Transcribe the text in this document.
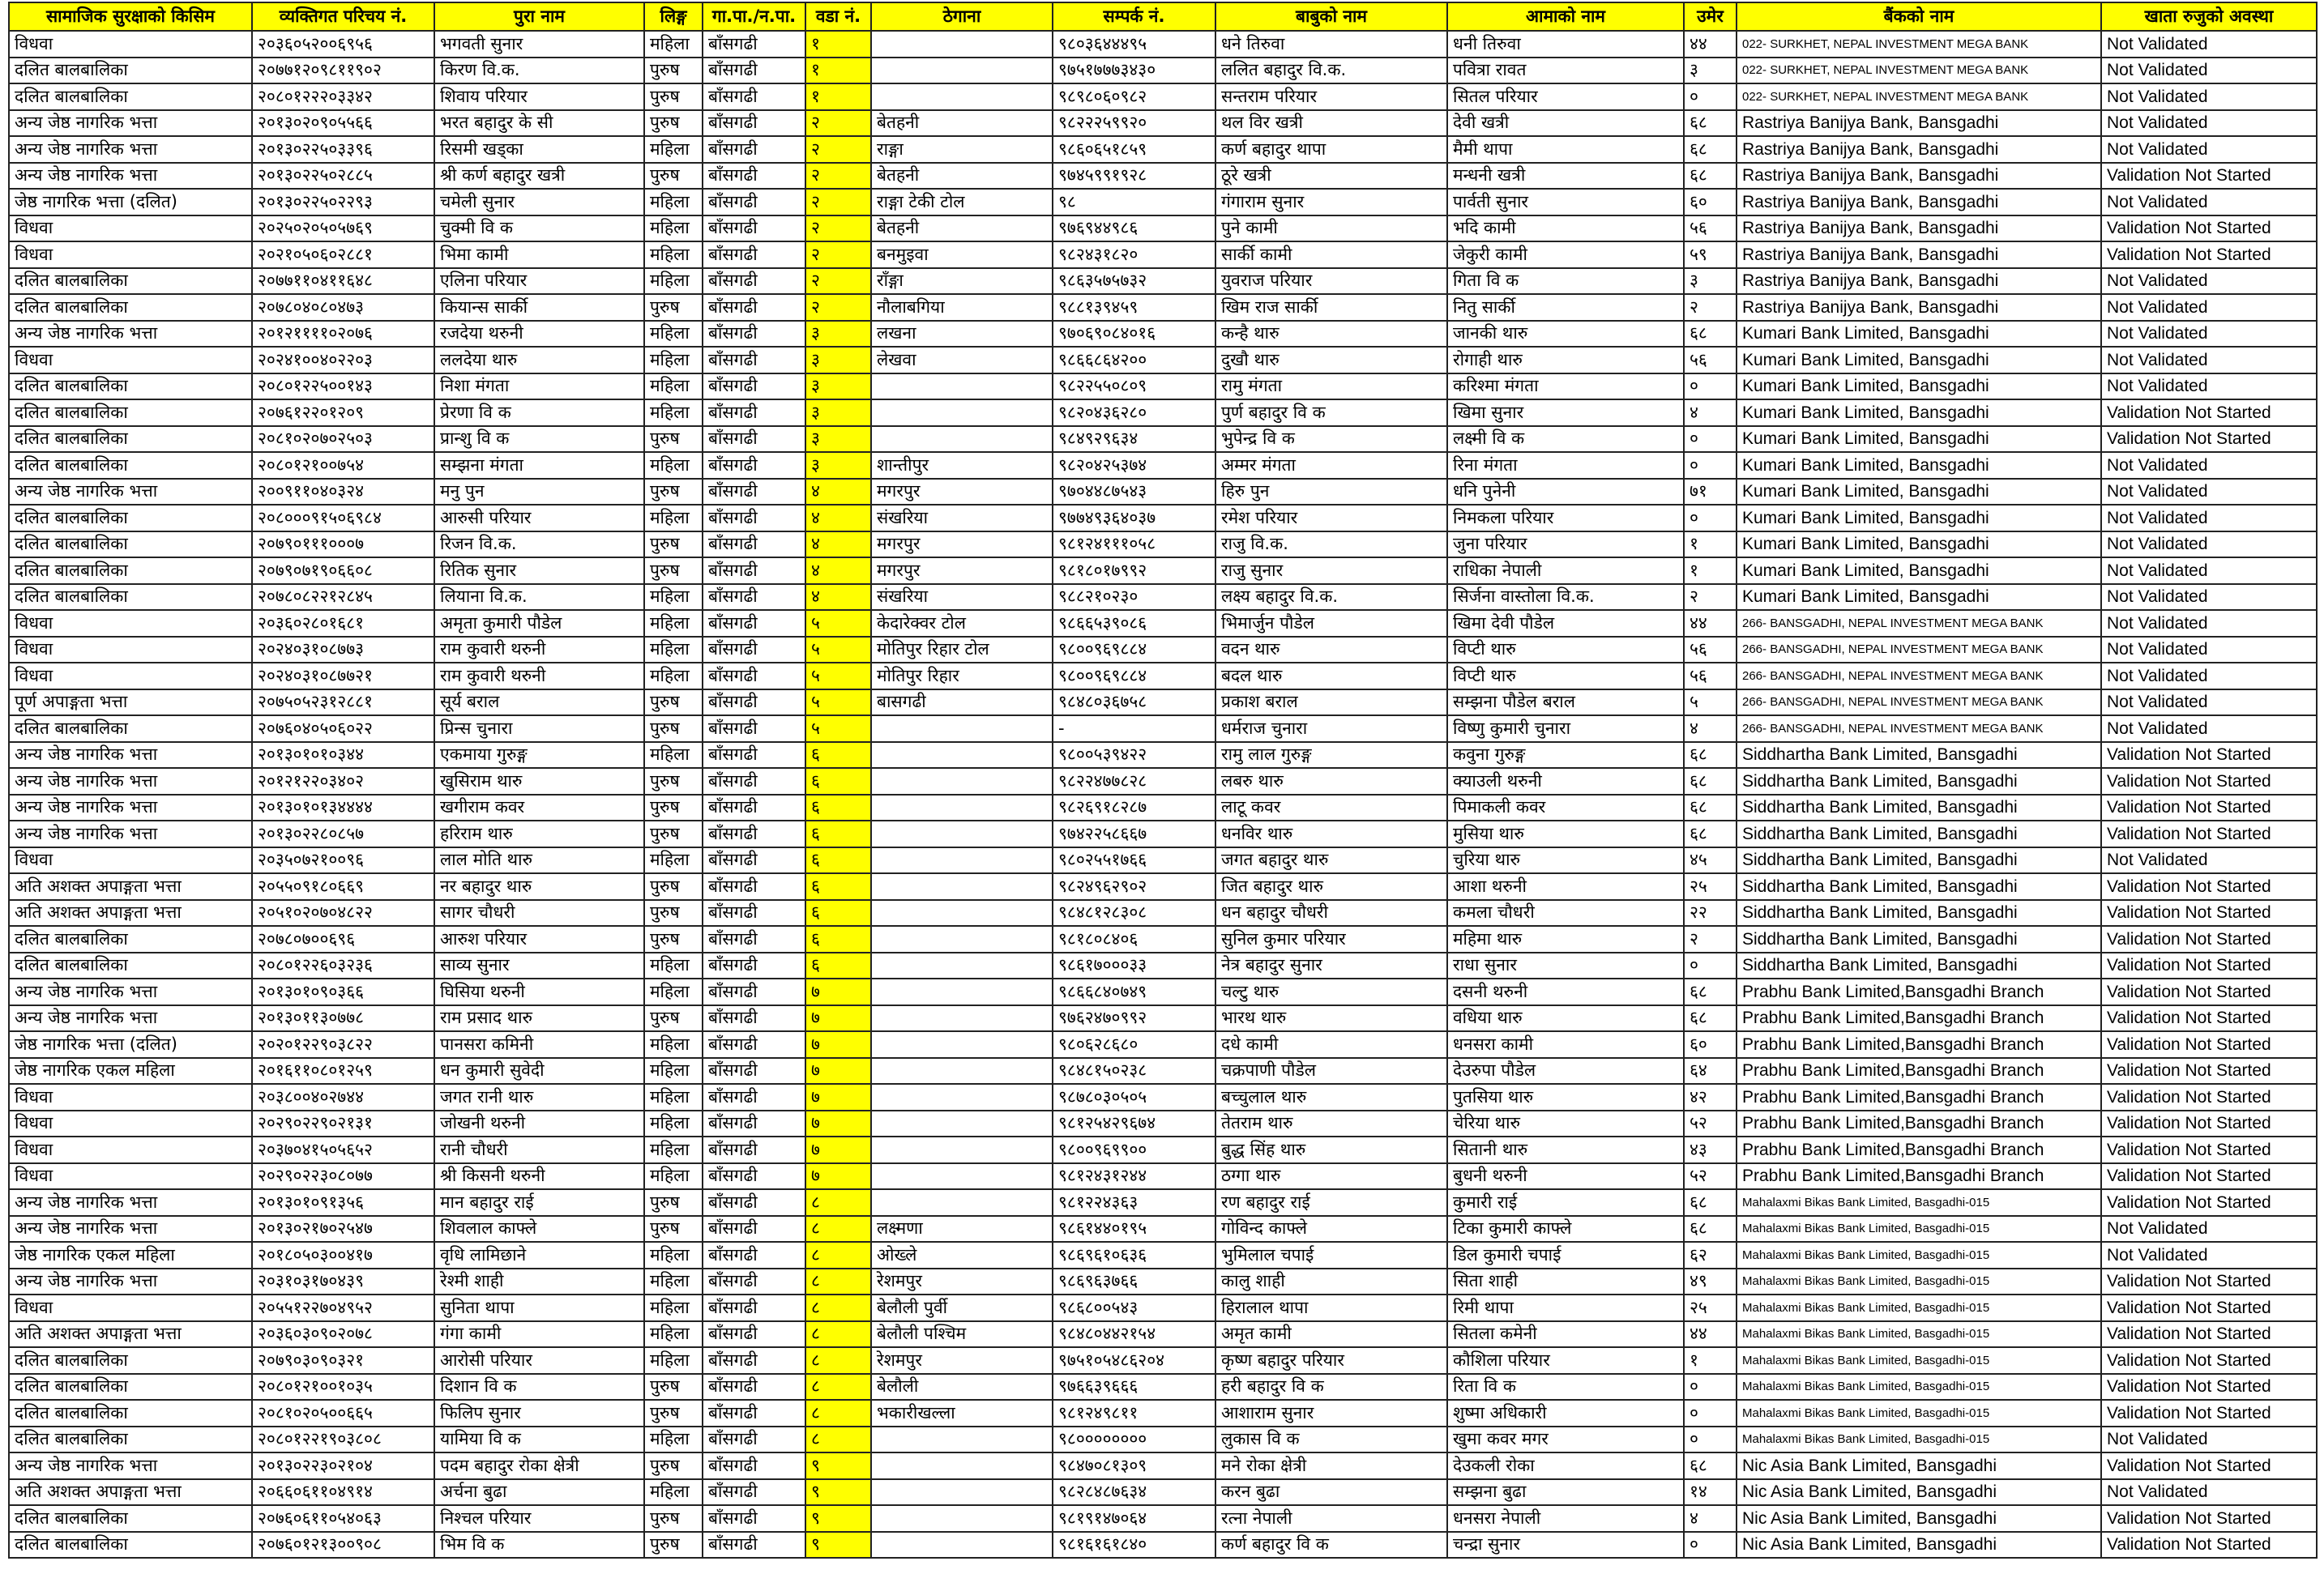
सामाजिक सुरक्षाको किसिम	व्यक्तिगत परिचय नं.	पुरा नाम	लिङ्ग	गा.पा./न.पा.	वडा नं.	ठेगाना	सम्पर्क नं.	बाबुको नाम	आमाको नाम	उमेर	बैंकको नाम	खाता रुजुको अवस्था
विधवा	२०३६०५२००६९५६	भगवती सुनार	महिला	बाँसगढी	१		९८०३६४४४९५	धने तिरुवा	धनी तिरुवा	४४	022- SURKHET, NEPAL INVESTMENT MEGA BANK	Not Validated
दलित बालबालिका	२०७७१२०९८११९०२	किरण वि.क.	पुरुष	बाँसगढी	१		९७५१७७७३४३०	ललित बहादुर वि.क.	पवित्रा रावत	३	022- SURKHET, NEPAL INVESTMENT MEGA BANK	Not Validated
दलित बालबालिका	२०८०१२२२०३३४२	शिवाय परियार	पुरुष	बाँसगढी	१		९८९८०६०९८२	सन्तराम परियार	सितल परियार	०	022- SURKHET, NEPAL INVESTMENT MEGA BANK	Not Validated
अन्य जेष्ठ नागरिक भत्ता	२०१३०२०९०५५६६	भरत बहादुर के सी	पुरुष	बाँसगढी	२	बेतहनी	९८२२२५९९२०	थल विर खत्री	देवी खत्री	६८	Rastriya Banijya Bank, Bansgadhi	Not Validated
अन्य जेष्ठ नागरिक भत्ता	२०१३०२२५०३३९६	रिसमी खड्का	महिला	बाँसगढी	२	राङ्गा	९८६०६५१८५९	कर्ण बहादुर थापा	मैमी थापा	६८	Rastriya Banijya Bank, Bansgadhi	Not Validated
अन्य जेष्ठ नागरिक भत्ता	२०१३०२२५०२८८५	श्री कर्ण बहादुर खत्री	पुरुष	बाँसगढी	२	बेतहनी	९७४५९९१९२८	ठूरे खत्री	मन्धनी खत्री	६८	Rastriya Banijya Bank, Bansgadhi	Validation Not Started
जेष्ठ नागरिक भत्ता (दलित)	२०१३०२२५०२२९३	चमेली सुनार	महिला	बाँसगढी	२	राङ्गा टेकी टोल	९८	गंगाराम सुनार	पार्वती सुनार	६०	Rastriya Banijya Bank, Bansgadhi	Not Validated
विधवा	२०२५०२०५०५७६९	चुक्मी वि क	महिला	बाँसगढी	२	बेतहनी	९७६९४४९८६	पुने कामी	भदि कामी	५६	Rastriya Banijya Bank, Bansgadhi	Validation Not Started
विधवा	२०२१०५०६०२८८१	भिमा कामी	महिला	बाँसगढी	२	बनमुइवा	९८२४३१८२०	सार्की कामी	जेकुरी कामी	५९	Rastriya Banijya Bank, Bansgadhi	Validation Not Started
दलित बालबालिका	२०७७११०४११६४८	एलिना परियार	महिला	बाँसगढी	२	राँङ्गा	९८६३५७५७३२	युवराज परियार	गिता वि क	३	Rastriya Banijya Bank, Bansgadhi	Not Validated
दलित बालबालिका	२०७८०४०८०४७३	कियान्स सार्की	पुरुष	बाँसगढी	२	नौलाबगिया	९८८१३९४५९	खिम राज सार्की	नितु सार्की	२	Rastriya Banijya Bank, Bansgadhi	Not Validated
अन्य जेष्ठ नागरिक भत्ता	२०१२११११०२०७६	रजदेया थरुनी	महिला	बाँसगढी	३	लखना	९७०६९०८४०१६	कन्है थारु	जानकी थारु	६८	Kumari Bank Limited, Bansgadhi	Not Validated
विधवा	२०२४१००४०२२०३	ललदेया थारु	महिला	बाँसगढी	३	लेखवा	९८६६८६४२००	दुखौ थारु	रोगाही थारु	५६	Kumari Bank Limited, Bansgadhi	Not Validated
दलित बालबालिका	२०८०१२२५००१४३	निशा मंगता	महिला	बाँसगढी	३		९८२२५५०८०९	रामु मंगता	करिश्मा मंगता	०	Kumari Bank Limited, Bansgadhi	Not Validated
दलित बालबालिका	२०७६१२२०१२०९	प्रेरणा वि क	महिला	बाँसगढी	३		९८२०४३६२८०	पुर्ण बहादुर वि क	खिमा सुनार	४	Kumari Bank Limited, Bansgadhi	Validation Not Started
दलित बालबालिका	२०८१०२०७०२५०३	प्रान्शु वि क	पुरुष	बाँसगढी	३		९८४९२९६३४	भुपेन्द्र वि क	लक्ष्मी वि क	०	Kumari Bank Limited, Bansgadhi	Validation Not Started
दलित बालबालिका	२०८०१२१००७५४	सम्झना मंगता	महिला	बाँसगढी	३	शान्तीपुर	९८२०४२५३७४	अम्मर मंगता	रिना मंगता	०	Kumari Bank Limited, Bansgadhi	Not Validated
अन्य जेष्ठ नागरिक भत्ता	२००९११०४०३२४	मनु पुन	पुरुष	बाँसगढी	४	मगरपुर	९७०४४८७५४३	हिरु पुन	धनि पुनेनी	७१	Kumari Bank Limited, Bansgadhi	Not Validated
दलित बालबालिका	२०८०००९१५०६९८४	आरुसी परियार	महिला	बाँसगढी	४	संखरिया	९७७४९३६४०३७	रमेश परियार	निमकला परियार	०	Kumari Bank Limited, Bansgadhi	Not Validated
दलित बालबालिका	२०७९०१११०००७	रिजन वि.क.	पुरुष	बाँसगढी	४	मगरपुर	९८१२४१११०५८	राजु वि.क.	जुना परियार	१	Kumari Bank Limited, Bansgadhi	Not Validated
दलित बालबालिका	२०७९०७१९०६६०८	रितिक सुनार	पुरुष	बाँसगढी	४	मगरपुर	९८१८०१७९९२	राजु सुनार	राधिका नेपाली	१	Kumari Bank Limited, Bansgadhi	Not Validated
दलित बालबालिका	२०७८०८२२१२८४५	लियाना वि.क.	महिला	बाँसगढी	४	संखरिया	९८८२१०२३०	लक्ष्य बहादुर वि.क.	सिर्जना वास्तोला वि.क.	२	Kumari Bank Limited, Bansgadhi	Not Validated
विधवा	२०३६०२८०१६८१	अमृता कुमारी पौडेल	महिला	बाँसगढी	५	केदारेक्वर टोल	९८६६५३९०८६	भिमार्जुन पौडेल	खिमा देवी पौडेल	४४	266- BANSGADHI, NEPAL INVESTMENT MEGA BANK	Not Validated
विधवा	२०२४०३१०८७७३	राम कुवारी थरुनी	महिला	बाँसगढी	५	मोतिपुर रिहार टोल	९८००९६९८८४	वदन थारु	विप्टी थारु	५६	266- BANSGADHI, NEPAL INVESTMENT MEGA BANK	Not Validated
विधवा	२०२४०३१०८७७२१	राम कुवारी थरुनी	महिला	बाँसगढी	५	मोतिपुर रिहार	९८००९६९८८४	बदल थारु	विप्टी थारु	५६	266- BANSGADHI, NEPAL INVESTMENT MEGA BANK	Not Validated
पूर्ण अपाङ्गता भत्ता	२०७५०५२३१२८८१	सूर्य बराल	पुरुष	बाँसगढी	५	बासगढी	९८४८०३६७५८	प्रकाश बराल	सम्झना पौडेल बराल	५	266- BANSGADHI, NEPAL INVESTMENT MEGA BANK	Not Validated
दलित बालबालिका	२०७६०४०५०६०२२	प्रिन्स चुनारा	पुरुष	बाँसगढी	५		-	धर्मराज चुनारा	विष्णु कुमारी चुनारा	४	266- BANSGADHI, NEPAL INVESTMENT MEGA BANK	Not Validated
अन्य जेष्ठ नागरिक भत्ता	२०१३०१०१०३४४	एकमाया गुरुङ्ग	महिला	बाँसगढी	६		९८००५३९४२२	रामु लाल गुरुङ्ग	कवुना गुरुङ्ग	६८	Siddhartha Bank Limited, Bansgadhi	Validation Not Started
अन्य जेष्ठ नागरिक भत्ता	२०१२१२२०३४०२	खुसिराम थारु	पुरुष	बाँसगढी	६		९८२२४७७८२८	लबरु थारु	क्याउली थरुनी	६८	Siddhartha Bank Limited, Bansgadhi	Validation Not Started
अन्य जेष्ठ नागरिक भत्ता	२०१३०१०१३४४४४	खगीराम कवर	पुरुष	बाँसगढी	६		९८२६९१८२८७	लाटू कवर	पिमाकली कवर	६८	Siddhartha Bank Limited, Bansgadhi	Validation Not Started
अन्य जेष्ठ नागरिक भत्ता	२०१३०२२८०८५७	हरिराम थारु	पुरुष	बाँसगढी	६		९७४२२५८६६७	धनविर थारु	मुसिया थारु	६८	Siddhartha Bank Limited, Bansgadhi	Validation Not Started
विधवा	२०३५०७२१००९६	लाल मोति थारु	महिला	बाँसगढी	६		९८०२५५१७६६	जगत बहादुर थारु	चुरिया थारु	४५	Siddhartha Bank Limited, Bansgadhi	Not Validated
अति अशक्त अपाङ्गता भत्ता	२०५५०९१८०६६९	नर बहादुर थारु	पुरुष	बाँसगढी	६		९८२४९६२९०२	जित बहादुर थारु	आशा थरुनी	२५	Siddhartha Bank Limited, Bansgadhi	Validation Not Started
अति अशक्त अपाङ्गता भत्ता	२०५१०२०७०४८२२	सागर चौधरी	पुरुष	बाँसगढी	६		९८४८१२८३०८	धन बहादुर चौधरी	कमला चौधरी	२२	Siddhartha Bank Limited, Bansgadhi	Validation Not Started
दलित बालबालिका	२०७८०७००६९६	आरुश परियार	पुरुष	बाँसगढी	६		९८१८०८४०६	सुनिल कुमार परियार	महिमा थारु	२	Siddhartha Bank Limited, Bansgadhi	Validation Not Started
दलित बालबालिका	२०८०१२२६०३२३६	साव्य सुनार	महिला	बाँसगढी	६		९८६१७०००३३	नेत्र बहादुर सुनार	राधा सुनार	०	Siddhartha Bank Limited, Bansgadhi	Validation Not Started
अन्य जेष्ठ नागरिक भत्ता	२०१३०१०९०३६६	घिसिया थरुनी	महिला	बाँसगढी	७		९८६६८४०७४९	चल्टु थारु	दसनी थरुनी	६८	Prabhu Bank Limited,Bansgadhi Branch	Validation Not Started
अन्य जेष्ठ नागरिक भत्ता	२०१३०११३०७७८	राम प्रसाद थारु	पुरुष	बाँसगढी	७		९७६२४७०९९२	भारथ थारु	वधिया थारु	६८	Prabhu Bank Limited,Bansgadhi Branch	Validation Not Started
जेष्ठ नागरिक भत्ता (दलित)	२०२०१२२९०३८२२	पानसरा कमिनी	महिला	बाँसगढी	७		९८०६२८६८०	दधे कामी	धनसरा कामी	६०	Prabhu Bank Limited,Bansgadhi Branch	Validation Not Started
जेष्ठ नागरिक एकल महिला	२०१६११०८०१२५९	धन कुमारी सुवेदी	महिला	बाँसगढी	७		९८४८१५०२३८	चक्रपाणी पौडेल	देउरुपा पौडेल	६४	Prabhu Bank Limited,Bansgadhi Branch	Validation Not Started
विधवा	२०३८००४०२७४४	जगत रानी थारु	महिला	बाँसगढी	७		९८७८०३०५०५	बच्चुलाल थारु	पुतसिया थारु	४२	Prabhu Bank Limited,Bansgadhi Branch	Validation Not Started
विधवा	२०२९०२२९०२१३१	जोखनी थरुनी	महिला	बाँसगढी	७		९८१२५४२९६७४	तेतराम थारु	चेरिया थारु	५२	Prabhu Bank Limited,Bansgadhi Branch	Validation Not Started
विधवा	२०३७०४१५०५६५२	रानी चौधरी	महिला	बाँसगढी	७		९८००९६९९००	बुद्ध सिंह थारु	सितानी थारु	४३	Prabhu Bank Limited,Bansgadhi Branch	Validation Not Started
विधवा	२०२९०२२३०८०७७	श्री किसनी थरुनी	महिला	बाँसगढी	७		९८१२४३१२४४	ठग्गा थारु	बुधनी थरुनी	५२	Prabhu Bank Limited,Bansgadhi Branch	Validation Not Started
अन्य जेष्ठ नागरिक भत्ता	२०१३०१०९१३५६	मान बहादुर राई	पुरुष	बाँसगढी	८		९८१२२४३६३	रण बहादुर राई	कुमारी राई	६८	Mahalaxmi Bikas Bank Limited, Basgadhi-015	Validation Not Started
अन्य जेष्ठ नागरिक भत्ता	२०१३०२१७०२५४७	शिवलाल काफ्ले	पुरुष	बाँसगढी	८	लक्ष्मणा	९८६१४४०१९५	गाेविन्द काफ्ले	टिका कुमारी काफ्ले	६८	Mahalaxmi Bikas Bank Limited, Basgadhi-015	Not Validated
जेष्ठ नागरिक एकल महिला	२०१८०५०३००४१७	वृधि लामिछाने	महिला	बाँसगढी	८	ओख्ले	९८६९६१०६३६	भुमिलाल चपाई	डिल कुमारी चपाई	६२	Mahalaxmi Bikas Bank Limited, Basgadhi-015	Not Validated
अन्य जेष्ठ नागरिक भत्ता	२०३१०३१७०४३९	रेश्मी शाही	महिला	बाँसगढी	८	रेशमपुर	९८६९६३७६६	कालु शाही	सिता शाही	४९	Mahalaxmi Bikas Bank Limited, Basgadhi-015	Validation Not Started
विधवा	२०५५१२२७०४९५२	सुनिता थापा	महिला	बाँसगढी	८	बेलौली पुर्वी	९८६८००५४३	हिरालाल थापा	रिमी थापा	२५	Mahalaxmi Bikas Bank Limited, Basgadhi-015	Validation Not Started
अति अशक्त अपाङ्गता भत्ता	२०३६०३०९०२०७८	गंगा कामी	महिला	बाँसगढी	८	बेलौली पश्चिम	९८४८०४४२१५४	अमृत कामी	सितला कमेनी	४४	Mahalaxmi Bikas Bank Limited, Basgadhi-015	Validation Not Started
दलित बालबालिका	२०७९०३०९०३२१	आरोसी परियार	महिला	बाँसगढी	८	रेशमपुर	९७५१०५४८६२०४	कृष्ण बहादुर परियार	कौशिला परियार	१	Mahalaxmi Bikas Bank Limited, Basgadhi-015	Validation Not Started
दलित बालबालिका	२०८०१२१००१०३५	दिशान वि क	पुरुष	बाँसगढी	८	बेलौली	९७६६३९६६६	हरी बहादुर वि क	रिता वि क	०	Mahalaxmi Bikas Bank Limited, Basgadhi-015	Validation Not Started
दलित बालबालिका	२०८१०२०५००६६५	फिलिप सुनार	पुरुष	बाँसगढी	८	भकारीखल्ला	९८१२४९८११	आशाराम सुनार	शुष्मा अधिकारी	०	Mahalaxmi Bikas Bank Limited, Basgadhi-015	Validation Not Started
दलित बालबालिका	२०८०१२२१९०३८०८	यामिया वि क	महिला	बाँसगढी	८		९८००००००००	लुकास वि क	खुमा कवर मगर	०	Mahalaxmi Bikas Bank Limited, Basgadhi-015	Not Validated
अन्य जेष्ठ नागरिक भत्ता	२०१३०२२३०२१०४	पदम बहादुर रोका क्षेत्री	पुरुष	बाँसगढी	९		९८४७०८१३०९	मने रोका क्षेत्री	देउकली रोका	६८	Nic Asia Bank Limited, Bansgadhi	Validation Not Started
अति अशक्त अपाङ्गता भत्ता	२०६६०६११०४९१४	अर्चना बुढा	महिला	बाँसगढी	९		९८२८४८७६३४	करन बुढा	सम्झना बुढा	१४	Nic Asia Bank Limited, Bansgadhi	Not Validated
दलित बालबालिका	२०७६०६११०५४०६३	निश्चल परियार	पुरुष	बाँसगढी	९		९८१९१४७०६४	रत्ना नेपाली	धनसरा नेपाली	४	Nic Asia Bank Limited, Bansgadhi	Validation Not Started
दलित बालबालिका	२०७६०१२१३००९०८	भिम वि क	पुरुष	बाँसगढी	९		९८१६१६१८४०	कर्ण बहादुर वि क	चन्द्रा सुनार	०	Nic Asia Bank Limited, Bansgadhi	Validation Not Started
